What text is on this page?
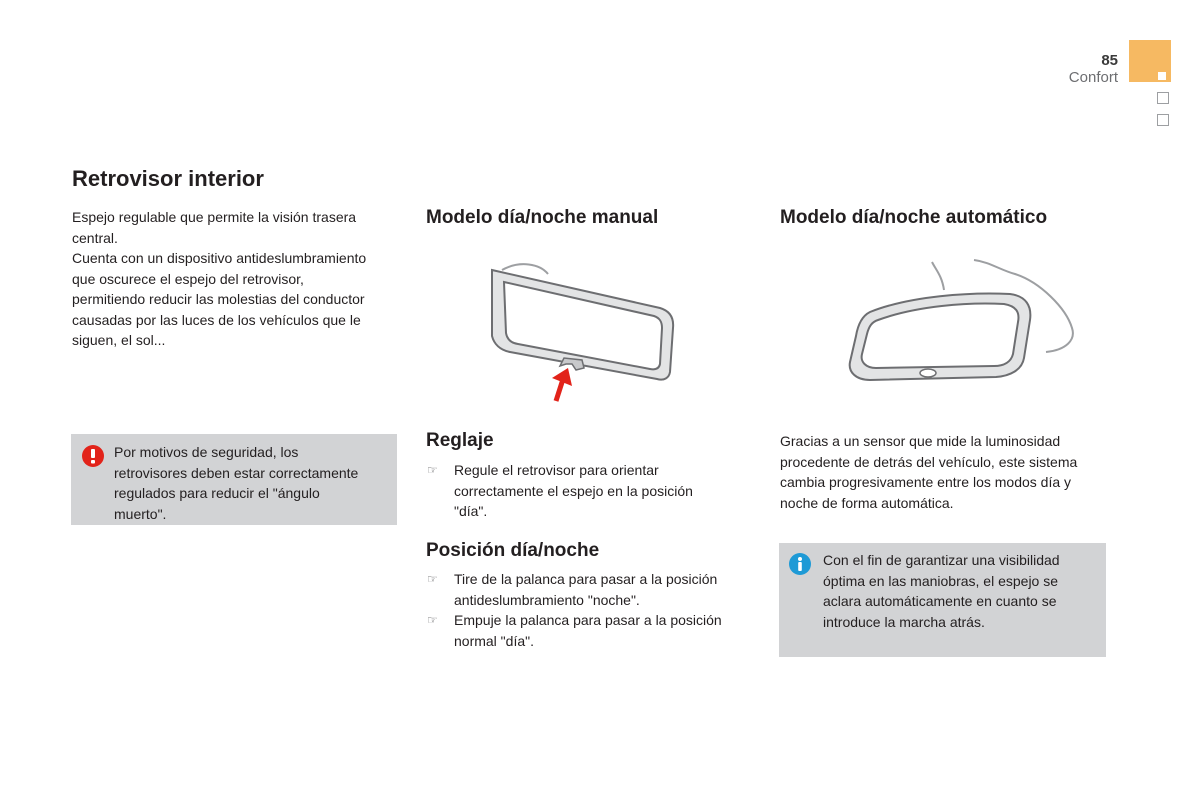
85
Confort
Retrovisor interior

Espejo regulable que permite la visión trasera

central.

Cuenta con un dispositivo antideslumbramiento

que oscurece el espejo del retrovisor,

permitiendo reducir las molestias del conductor

causadas por las luces de los vehículos que le

siguen, el sol...

Por motivos de seguridad, los

retrovisores deben estar correctamente

regulados para reducir el "ángulo

muerto".

Modelo día/noche manual
Reglaje
☞ Regule el retrovisor para orientar
correctamente el espejo en la posición
"día".
Posición día/noche
☞ Tire de la palanca para pasar a la posición
antideslumbramiento "noche".
☞ Empuje la palanca para pasar a la posición
normal "día".
Modelo día/noche automático

Gracias a un sensor que mide la luminosidad

procedente de detrás del vehículo, este sistema

cambia progresivamente entre los modos día y

noche de forma automática.

Con el fin de garantizar una visibilidad

óptima en las maniobras, el espejo se

aclara automáticamente en cuanto se

introduce la marcha atrás.
